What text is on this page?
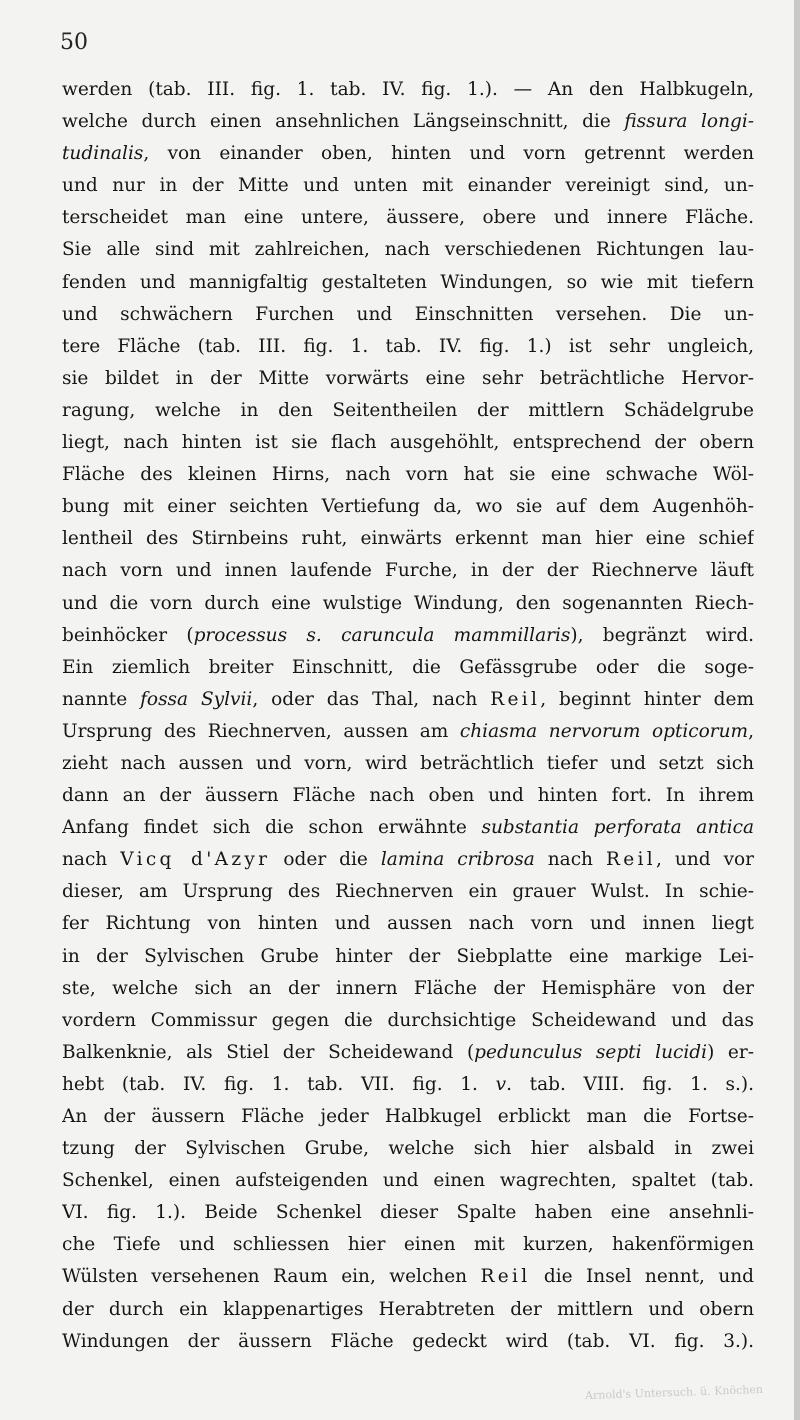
50
werden (tab. III. fig. 1. tab. IV. fig. 1.). — An den Halbkugeln,
welche durch einen ansehnlichen Längseinschnitt, die fissura longi-
tudinalis, von einander oben, hinten und vorn getrennt werden
und nur in der Mitte und unten mit einander vereinigt sind, un-
terscheidet man eine untere, äussere, obere und innere Fläche.
Sie alle sind mit zahlreichen, nach verschiedenen Richtungen lau-
fenden und mannigfaltig gestalteten Windungen, so wie mit tiefern
und schwächern Furchen und Einschnitten versehen. Die un-
tere Fläche (tab. III. fig. 1. tab. IV. fig. 1.) ist sehr ungleich,
sie bildet in der Mitte vorwärts eine sehr beträchtliche Hervor-
ragung, welche in den Seitentheilen der mittlern Schädelgrube
liegt, nach hinten ist sie flach ausgehöhlt, entsprechend der obern
Fläche des kleinen Hirns, nach vorn hat sie eine schwache Wöl-
bung mit einer seichten Vertiefung da, wo sie auf dem Augenhöh-
lentheil des Stirnbeins ruht, einwärts erkennt man hier eine schief
nach vorn und innen laufende Furche, in der der Riechnerve läuft
und die vorn durch eine wulstige Windung, den sogenannten Riech-
beinhöcker (processus s. caruncula mammillaris), begränzt wird.
Ein ziemlich breiter Einschnitt, die Gefässgrube oder die soge-
nannte fossa Sylvii, oder das Thal, nach Reil, beginnt hinter dem
Ursprung des Riechnerven, aussen am chiasma nervorum opticorum,
zieht nach aussen und vorn, wird beträchtlich tiefer und setzt sich
dann an der äussern Fläche nach oben und hinten fort. In ihrem
Anfang findet sich die schon erwähnte substantia perforata antica
nach Vicq d'Azyr oder die lamina cribrosa nach Reil, und vor
dieser, am Ursprung des Riechnerven ein grauer Wulst. In schie-
fer Richtung von hinten und aussen nach vorn und innen liegt
in der Sylvischen Grube hinter der Siebplatte eine markige Lei-
ste, welche sich an der innern Fläche der Hemisphäre von der
vordern Commissur gegen die durchsichtige Scheidewand und das
Balkenknie, als Stiel der Scheidewand (pedunculus septi lucidi) er-
hebt (tab. IV. fig. 1. tab. VII. fig. 1. v. tab. VIII. fig. 1. s.).
An der äussern Fläche jeder Halbkugel erblickt man die Fortse-
tzung der Sylvischen Grube, welche sich hier alsbald in zwei
Schenkel, einen aufsteigenden und einen wagrechten, spaltet (tab.
VI. fig. 1.). Beide Schenkel dieser Spalte haben eine ansehnli-
che Tiefe und schliessen hier einen mit kurzen, hakenförmigen
Wülsten versehenen Raum ein, welchen Reil die Insel nennt, und
der durch ein klappenartiges Herabtreten der mittlern und obern
Windungen der äussern Fläche gedeckt wird (tab. VI. fig. 3.).
Arnold's Untersuch. ü. Knöchen
